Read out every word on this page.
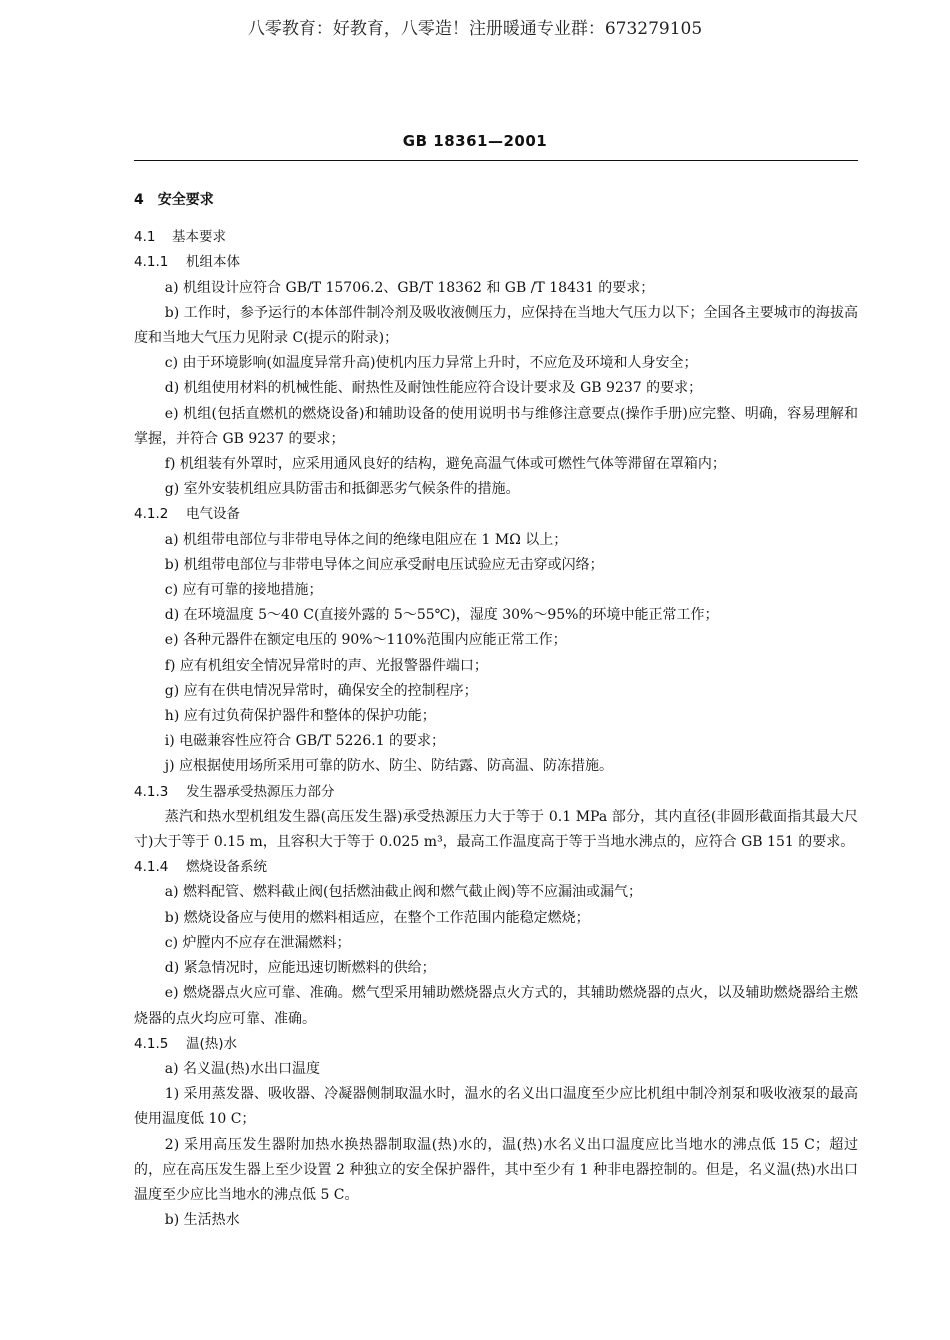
八零教育：好教育，八零造！注册暖通专业群：673279105
GB 18361—2001

4　安全要求

4.1 基本要求

4.1.1 机组本体

a) 机组设计应符合 GB/T 15706.2、GB/T 18362 和 GB /T 18431 的要求；

b) 工作时，参予运行的本体部件制冷剂及吸收液侧压力，应保持在当地大气压力以下；全国各主要城市的海拔高度和当地大气压力见附录 C(提示的附录)；

c) 由于环境影响(如温度异常升高)使机内压力异常上升时，不应危及环境和人身安全；

d) 机组使用材料的机械性能、耐热性及耐蚀性能应符合设计要求及 GB 9237 的要求；

e) 机组(包括直燃机的燃烧设备)和辅助设备的使用说明书与维修注意要点(操作手册)应完整、明确，容易理解和掌握，并符合 GB 9237 的要求；

f) 机组装有外罩时，应采用通风良好的结构，避免高温气体或可燃性气体等滞留在罩箱内；

g) 室外安装机组应具防雷击和抵御恶劣气候条件的措施。

4.1.2 电气设备

a) 机组带电部位与非带电导体之间的绝缘电阻应在 1 MΩ 以上；

b) 机组带电部位与非带电导体之间应承受耐电压试验应无击穿或闪络；

c) 应有可靠的接地措施；

d) 在环境温度 5～40 C(直接外露的 5～55℃)，湿度 30%～95%的环境中能正常工作；

e) 各种元器件在额定电压的 90%～110%范围内应能正常工作；

f) 应有机组安全情况异常时的声、光报警器件端口；

g) 应有在供电情况异常时，确保安全的控制程序；

h) 应有过负荷保护器件和整体的保护功能；

i) 电磁兼容性应符合 GB/T 5226.1 的要求；

j) 应根据使用场所采用可靠的防水、防尘、防结露、防高温、防冻措施。

4.1.3 发生器承受热源压力部分

蒸汽和热水型机组发生器(高压发生器)承受热源压力大于等于 0.1 MPa 部分，其内直径(非圆形截面指其最大尺寸)大于等于 0.15 m，且容积大于等于 0.025 m³，最高工作温度高于等于当地水沸点的，应符合 GB 151 的要求。

4.1.4 燃烧设备系统

a) 燃料配管、燃料截止阀(包括燃油截止阀和燃气截止阀)等不应漏油或漏气；

b) 燃烧设备应与使用的燃料相适应，在整个工作范围内能稳定燃烧；

c) 炉膛内不应存在泄漏燃料；

d) 紧急情况时，应能迅速切断燃料的供给；

e) 燃烧器点火应可靠、准确。燃气型采用辅助燃烧器点火方式的，其辅助燃烧器的点火，以及辅助燃烧器给主燃烧器的点火均应可靠、准确。

4.1.5 温(热)水

a) 名义温(热)水出口温度

1) 采用蒸发器、吸收器、冷凝器侧制取温水时，温水的名义出口温度至少应比机组中制冷剂泵和吸收液泵的最高使用温度低 10 C；

2) 采用高压发生器附加热水换热器制取温(热)水的，温(热)水名义出口温度应比当地水的沸点低 15 C；超过的，应在高压发生器上至少设置 2 种独立的安全保护器件，其中至少有 1 种非电器控制的。但是，名义温(热)水出口温度至少应比当地水的沸点低 5 C。

b) 生活热水
